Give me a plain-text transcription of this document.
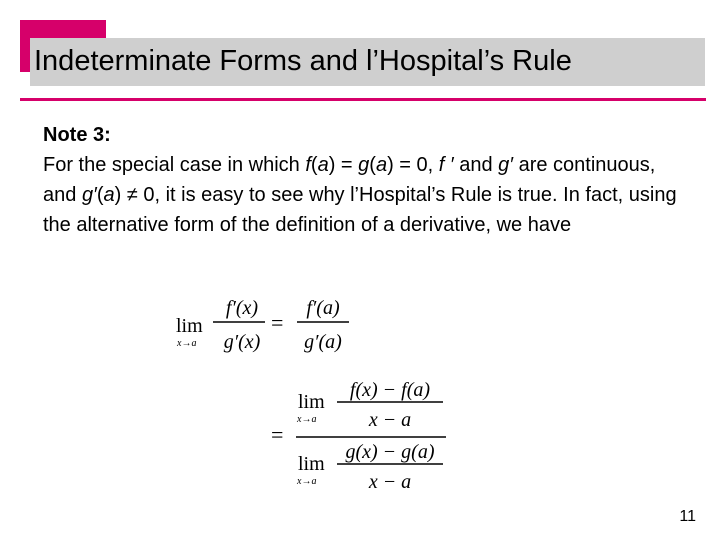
Indeterminate Forms and l’Hospital’s Rule
Note 3:
For the special case in which f(a) = g(a) = 0, f ′ and g′ are continuous, and g′(a) ≠ 0, it is easy to see why l’Hospital’s Rule is true. In fact, using the alternative form of the definition of a derivative, we have
lim
x→a
f′(x)
g′(x)
=
f′(a)
g′(a)
=
lim
x→a
f(x) − f(a)
x − a
lim
x→a
g(x) − g(a)
x − a
11
